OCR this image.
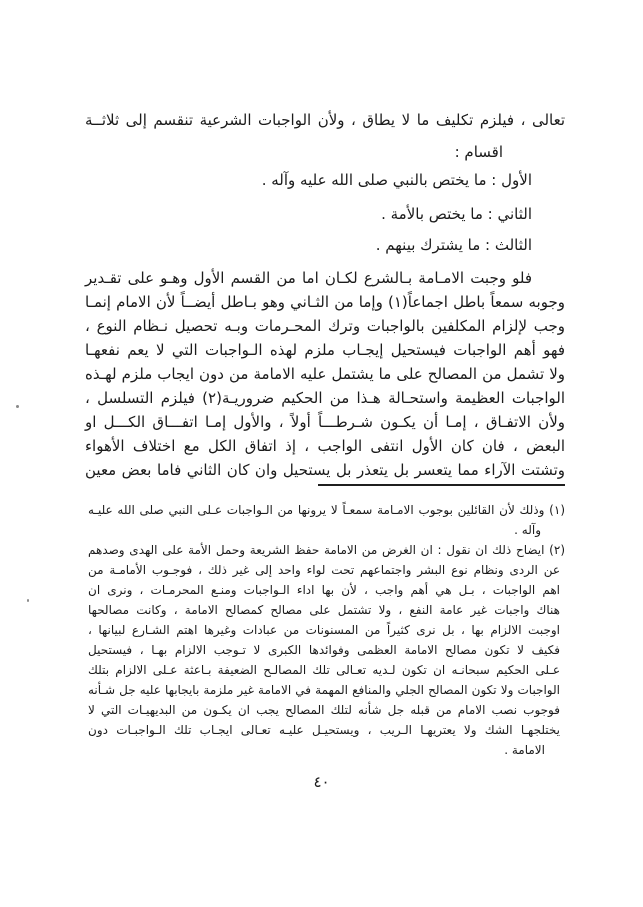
تعالى ، فيلزم تكليف ما لا يطاق ، ولأن الواجبات الشرعية تنقسم إلى ثلاثــة
اقسام :
الأول : ما يختص بالنبي صلى الله عليه وآله .
الثاني : ما يختص بالأمة .
الثالث : ما يشترك بينهم .
فلو وجبت الامـامة بـالشرع لكـان اما من القسم الأول وهـو على تقـدير
وجوبه سمعاً باطل اجماعاً(١) وإما من الثـاني وهو بـاطل أيضــاً لأن الامام إنمـا
وجب لإلزام المكلفين بالواجبات وترك المحـرمات وبـه تحصيل نـظام النوع ،
فهو أهم الواجبات فيستحيل إيجـاب ملزم لهذه الـواجبات التي لا يعم نفعهـا
ولا تشمل من المصالح على ما يشتمل عليه الامامة من دون ايجاب ملزم لهـذه
الواجبات العظيمة واستحـالة هـذا من الحكيم ضروريـة(٢) فيلزم التسلسل ،
ولأن الاتفـاق ، إمـا أن يكـون شـرطـــاً أولاً ، والأول إمـا اتفـــاق الكـــل او
البعض ، فان كان الأول انتفى الواجب ، إذ اتفاق الكل مع اختلاف الأهواء
وتشتت الآراء مما يتعسر بل يتعذر بل يستحيل وان كان الثاني فاما بعض معين
(١) وذلك لأن القائلين بوجوب الامـامة سمعـاً لا يرونها من الـواجبات عـلى النبي صلى الله عليـه
وآله .
(٢) ايضاح ذلك ان نقول : ان الغرض من الامامة حفظ الشريعة وحمل الأمة على الهدى وصدهم
عن الردى ونظام نوع البشر واجتماعهم تحت لواء واحد إلى غير ذلك ، فوجـوب الأمامـة من
اهم الواجبات ، بـل هي أهم واجب ، لأن بها اداء الـواجبات ومنـع المحرمـات ، ونرى ان
هناك واجبات غير عامة النفع ، ولا تشتمل على مصالح كمصالح الامامة ، وكانت مصالحها
اوجبت الالزام بها ، بل نرى كثيراً من المسنونات من عبادات وغيرها اهتم الشـارع لبيانها ،
فكيف لا تكون مصالح الامامة العظمى وفوائدها الكبرى لا تـوجب الالزام بهـا ، فيستحيل
عـلى الحكيم سبحانـه ان تكون لـديه تعـالى تلك المصالـح الضعيفة بـاعثة عـلى الالزام بتلك
الواجبات ولا تكون المصالح الجلي والمنافع المهمة في الامامة غير ملزمة بايجابها عليه جل شـأنه
فوجوب نصب الامام من قبله جل شأنه لتلك المصالح يجب ان يكـون من البديهيـات التي لا
يختلجهـا الشك ولا يعتريهـا الـريب ، ويستحيـل عليـه تعـالى ايجـاب تلك الـواجبـات دون
الامامة .
٤٠
